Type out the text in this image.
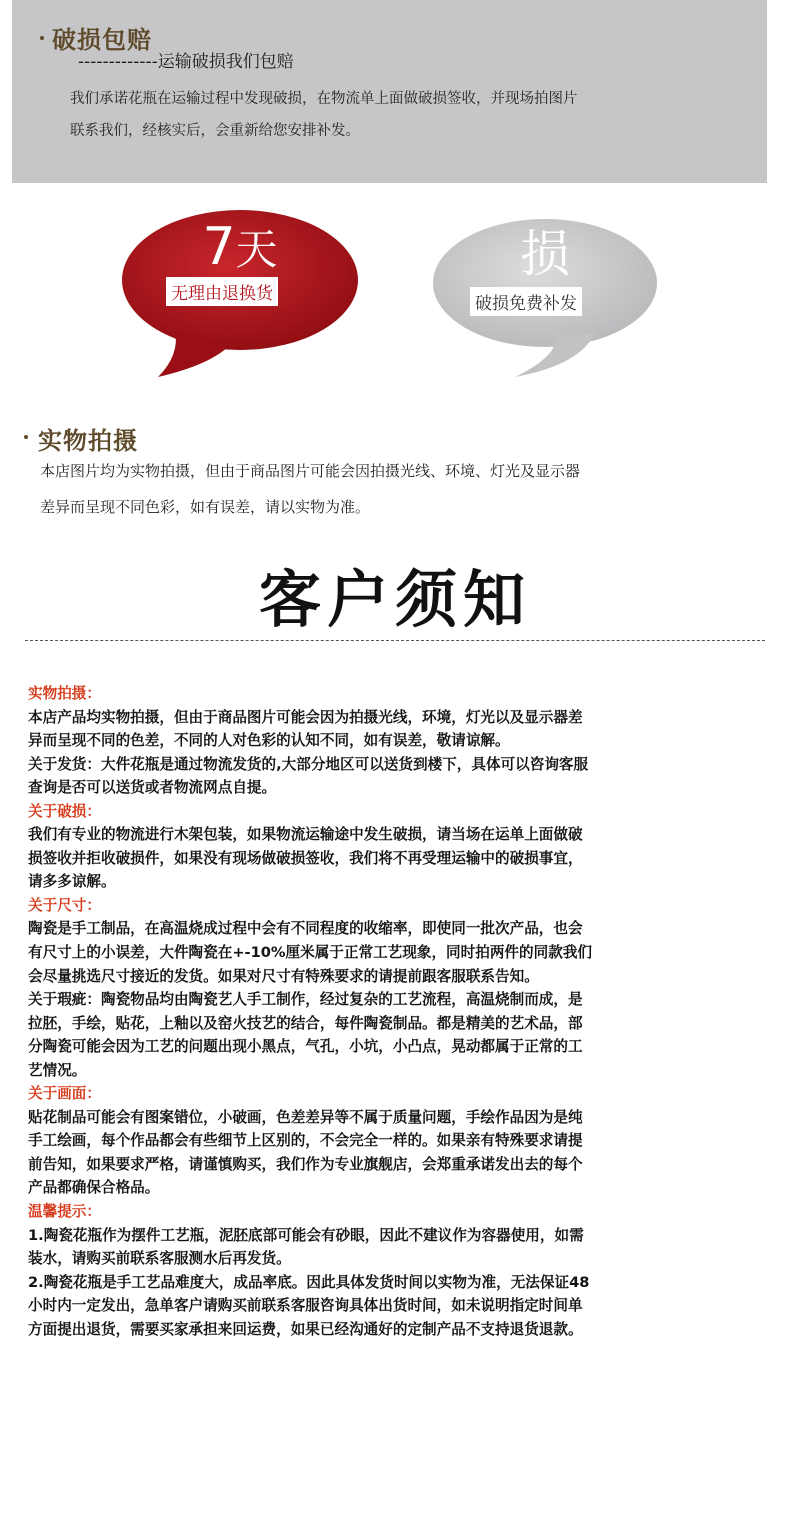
破损包赔
-------------运输破损我们包赔
我们承诺花瓶在运输过程中发现破损，在物流单上面做破损签收，并现场拍图片
联系我们，经核实后，会重新给您安排补发。
7天
无理由退换货
损
破损免费补发
实物拍摄
本店图片均为实物拍摄，但由于商品图片可能会因拍摄光线、环境、灯光及显示器
差异而呈现不同色彩，如有误差，请以实物为准。
客户须知
实物拍摄：
本店产品均实物拍摄，但由于商品图片可能会因为拍摄光线，环境，灯光以及显示器差
异而呈现不同的色差，不同的人对色彩的认知不同，如有误差，敬请谅解。
关于发货：大件花瓶是通过物流发货的,大部分地区可以送货到楼下，具体可以咨询客服
查询是否可以送货或者物流网点自提。
关于破损：
我们有专业的物流进行木架包装，如果物流运输途中发生破损，请当场在运单上面做破
损签收并拒收破损件，如果没有现场做破损签收，我们将不再受理运输中的破损事宜，
请多多谅解。
关于尺寸：
陶瓷是手工制品，在高温烧成过程中会有不同程度的收缩率，即使同一批次产品，也会
有尺寸上的小误差，大件陶瓷在+-10%厘米属于正常工艺现象，同时拍两件的同款我们
会尽量挑选尺寸接近的发货。如果对尺寸有特殊要求的请提前跟客服联系告知。
关于瑕疵：陶瓷物品均由陶瓷艺人手工制作，经过复杂的工艺流程，高温烧制而成，是
拉胚，手绘，贴花，上釉以及窑火技艺的结合，每件陶瓷制品。都是精美的艺术品，部
分陶瓷可能会因为工艺的问题出现小黑点，气孔，小坑，小凸点，晃动都属于正常的工
艺情况。
关于画面：
贴花制品可能会有图案错位，小破画，色差差异等不属于质量问题，手绘作品因为是纯
手工绘画，每个作品都会有些细节上区别的，不会完全一样的。如果亲有特殊要求请提
前告知，如果要求严格，请谨慎购买，我们作为专业旗舰店，会郑重承诺发出去的每个
产品都确保合格品。
温馨提示：
1.陶瓷花瓶作为摆件工艺瓶，泥胚底部可能会有砂眼，因此不建议作为容器使用，如需
装水，请购买前联系客服测水后再发货。
2.陶瓷花瓶是手工艺品难度大，成品率底。因此具体发货时间以实物为准，无法保证48
小时内一定发出，急单客户请购买前联系客服咨询具体出货时间，如未说明指定时间单
方面提出退货，需要买家承担来回运费，如果已经沟通好的定制产品不支持退货退款。
